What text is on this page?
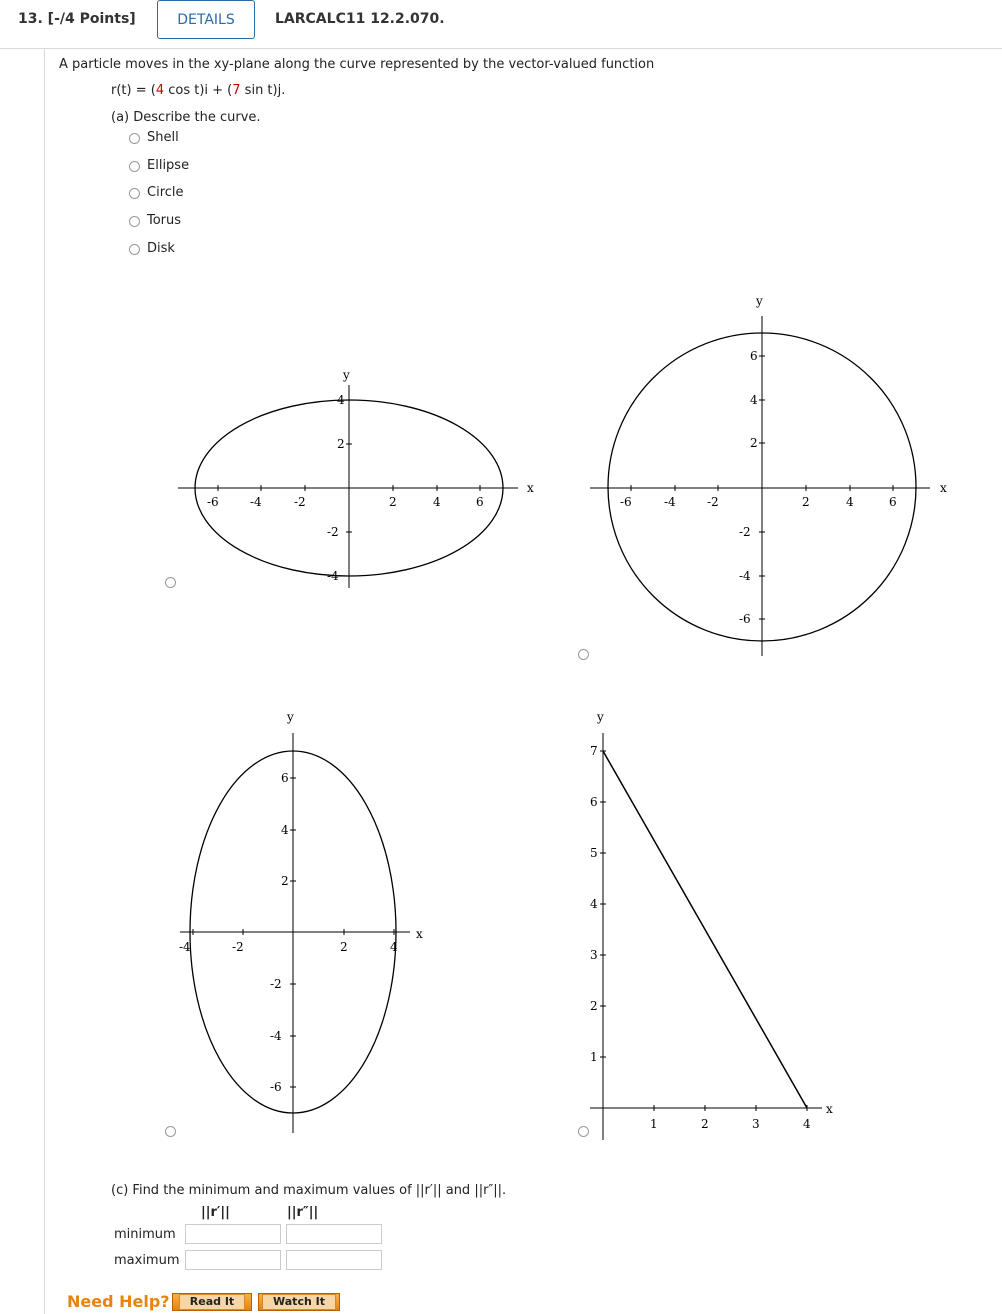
13. [-/4 Points]	DETAILS	LARCALC11 12.2.070.
A particle moves in the xy-plane along the curve represented by the vector-valued function
r(t) = (4 cos t)i + (7 sin t)j.
(a) Describe the curve.
Shell
Ellipse
Circle
Torus
Disk
x
y
-6	-4	-2	2	4	6
4
2
-2
-4
x
y
-6	-4	-2	2	4	6
6
4
2
-2
-4
-6
x
y
-4	-2	2	4
6
4
2
-2
-4
-6
x
y
1	2	3	4
7
6
5
4
3
2
1
(c) Find the minimum and maximum values of ||r′|| and ||r″||.
||r′||	||r″||
minimum
maximum
Need Help?	Read It	Watch It
